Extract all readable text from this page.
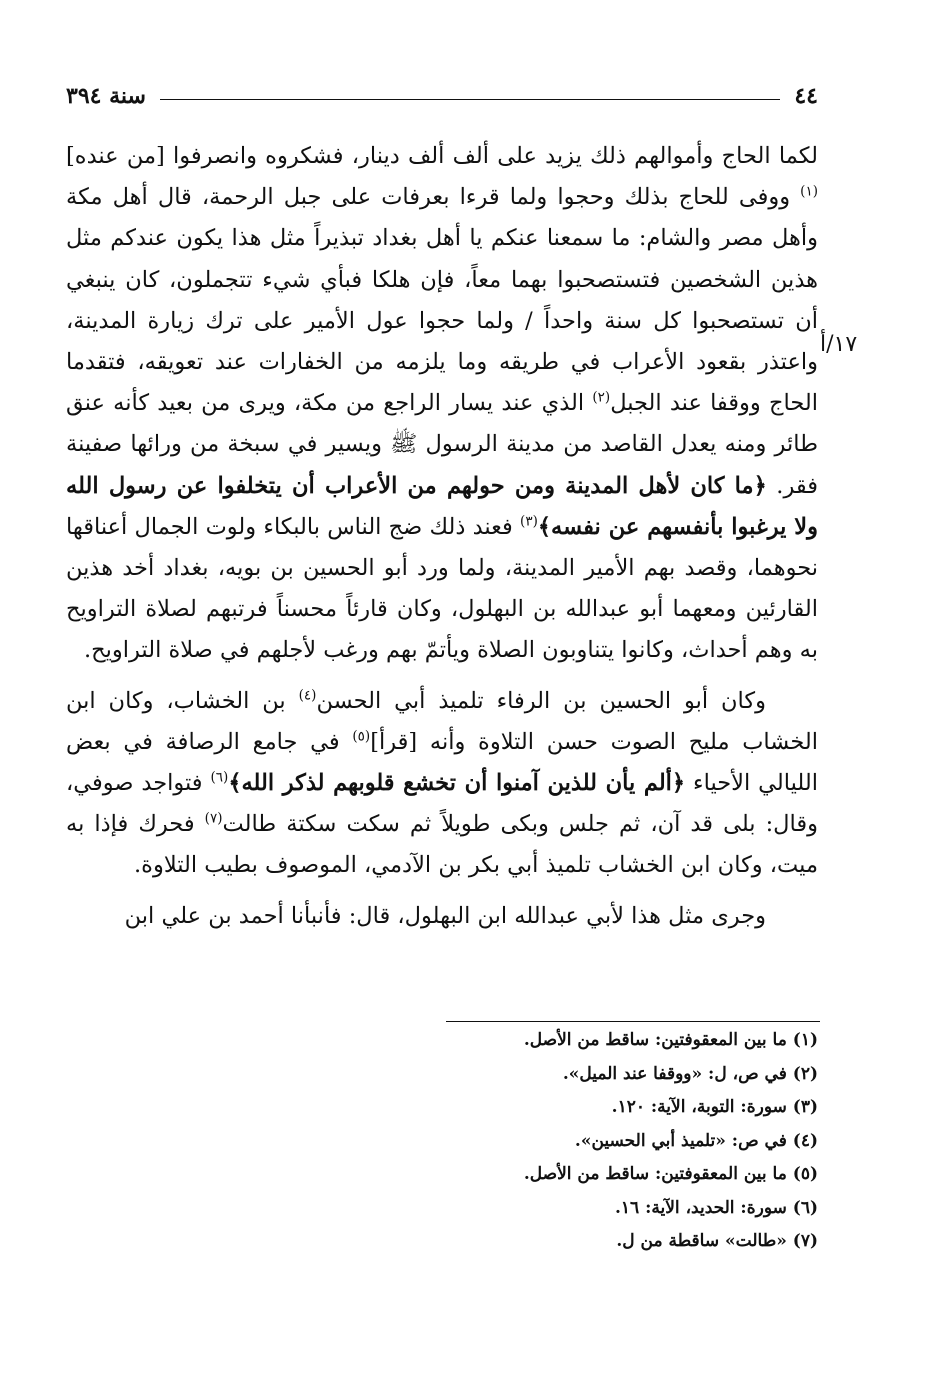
٤٤
سنة ٣٩٤
١٧/أ

لكما الحاج وأموالهم ذلك يزيد على ألف ألف دينار، فشكروه وانصرفوا [من عنده]$^{(١)}$ ووفى للحاج بذلك وحجوا ولما قرءا بعرفات على جبل الرحمة، قال أهل مكة وأهل مصر والشام: ما سمعنا عنكم يا أهل بغداد تبذيراً مثل هذا يكون عندكم مثل هذين الشخصين فتستصحبوا بهما معاً، فإن هلكا فبأي شيء تتجملون، كان ينبغي أن تستصحبوا كل سنة واحداً / ولما حجوا عول الأمير على ترك زيارة المدينة، واعتذر بقعود الأعراب في طريقه وما يلزمه من الخفارات عند تعويقه، فتقدما الحاج ووقفا عند الجبل$^{(٢)}$ الذي عند يسار الراجع من مكة، ويرى من بعيد كأنه عنق طائر ومنه يعدل القاصد من مدينة الرسول ﷺ ويسير في سبخة من ورائها صفينة فقر. ﴿ما كان لأهل المدينة ومن حولهم من الأعراب أن يتخلفوا عن رسول الله ولا يرغبوا بأنفسهم عن نفسه﴾$^{(٣)}$ فعند ذلك ضج الناس بالبكاء ولوت الجمال أعناقها نحوهما، وقصد بهم الأمير المدينة، ولما ورد أبو الحسين بن بويه، بغداد أخد هذين القارئين ومعهما أبو عبدالله بن البهلول، وكان قارئاً محسناً فرتبهم لصلاة التراويح به وهم أحداث، وكانوا يتناوبون الصلاة ويأتمّ بهم ورغب لأجلهم في صلاة التراويح.

وكان أبو الحسين بن الرفاء تلميذ أبي الحسن$^{(٤)}$ بن الخشاب، وكان ابن الخشاب مليح الصوت حسن التلاوة وأنه [قرأ]$^{(٥)}$ في جامع الرصافة في بعض الليالي الأحياء ﴿ألم يأن للذين آمنوا أن تخشع قلوبهم لذكر الله﴾$^{(٦)}$ فتواجد صوفي، وقال: بلى قد آن، ثم جلس وبكى طويلاً ثم سكت سكتة طالت$^{(٧)}$ فحرك فإذا به ميت، وكان ابن الخشاب تلميذ أبي بكر بن الآدمي، الموصوف بطيب التلاوة.

وجرى مثل هذا لأبي عبدالله ابن البهلول، قال: فأنبأنا أحمد بن علي ابن

(١) ما بين المعقوفتين: ساقط من الأصل.
(٢) في ص، ل: «ووقفا عند الميل».
(٣) سورة: التوبة، الآية: ١٢٠.
(٤) في ص: «تلميذ أبي الحسين».
(٥) ما بين المعقوفتين: ساقط من الأصل.
(٦) سورة: الحديد، الآية: ١٦.
(٧) «طالت» ساقطة من ل.
